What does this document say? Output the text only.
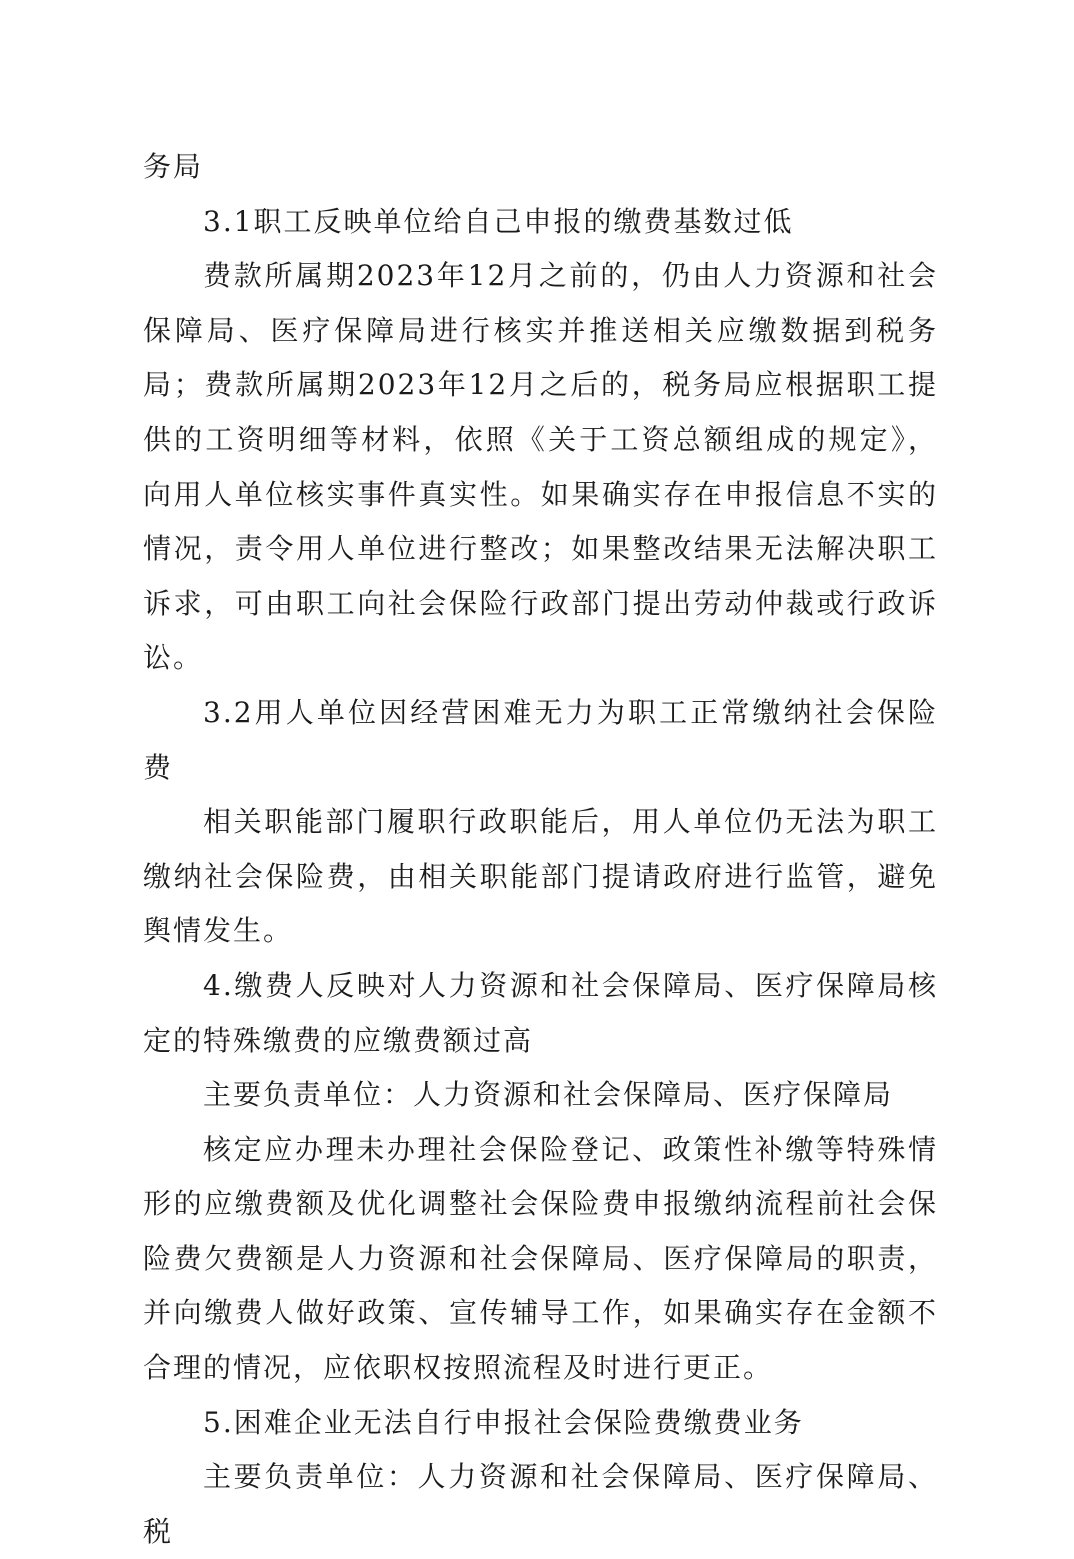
务局

3.1职工反映单位给自己申报的缴费基数过低

费款所属期2023年12月之前的，仍由人力资源和社会保障局、医疗保障局进行核实并推送相关应缴数据到税务局；费款所属期2023年12月之后的，税务局应根据职工提供的工资明细等材料，依照《关于工资总额组成的规定》，向用人单位核实事件真实性。如果确实存在申报信息不实的情况，责令用人单位进行整改；如果整改结果无法解决职工诉求，可由职工向社会保险行政部门提出劳动仲裁或行政诉讼。

3.2用人单位因经营困难无力为职工正常缴纳社会保险费

相关职能部门履职行政职能后，用人单位仍无法为职工缴纳社会保险费，由相关职能部门提请政府进行监管，避免舆情发生。

4.缴费人反映对人力资源和社会保障局、医疗保障局核定的特殊缴费的应缴费额过高

主要负责单位：人力资源和社会保障局、医疗保障局

核定应办理未办理社会保险登记、政策性补缴等特殊情形的应缴费额及优化调整社会保险费申报缴纳流程前社会保险费欠费额是人力资源和社会保障局、医疗保障局的职责，并向缴费人做好政策、宣传辅导工作，如果确实存在金额不合理的情况，应依职权按照流程及时进行更正。

5.困难企业无法自行申报社会保险费缴费业务

主要负责单位：人力资源和社会保障局、医疗保障局、税
